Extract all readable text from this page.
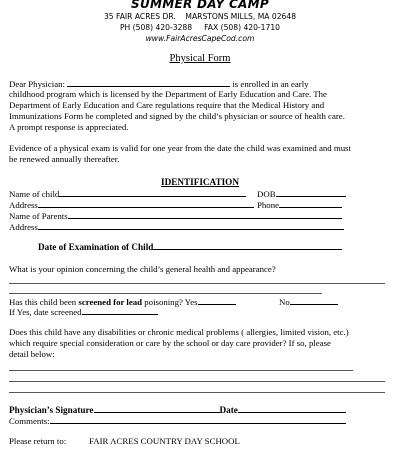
SUMMER DAY CAMP
35 FAIR ACRES DR.    MARSTONS MILLS, MA 02648
PH (508) 420-3288     FAX (508) 420-1710
www.FairAcresCapeCod.com
Physical Form
Dear Physician:	is enrolled in an early
childhood program which is licensed by the Department of Early Education and Care. The
Department of Early Education and Care regulations require that the Medical History and
Immunizations Form be completed and signed by the child’s physician or source of health care.
A prompt response is appreciated.
Evidence of a physical exam is valid for one year from the date the child was examined and must
be renewed annually thereafter.
IDENTIFICATION
Name of child	DOB
Address	Phone
Name of Parents
Address
Date of Examination of Child
What is your opinion concerning the child’s general health and appearance?
Has this child been screened for lead poisoning? Yes	No
If Yes, date screened
Does this child have any disabilities or chronic medical problems ( allergies, limited vision, etc.)
which require special consideration or care by the school or day care provider? If so, please
detail below:
Physician’s Signature	Date
Comments:
Please return to:	FAIR ACRES COUNTRY DAY SCHOOL
